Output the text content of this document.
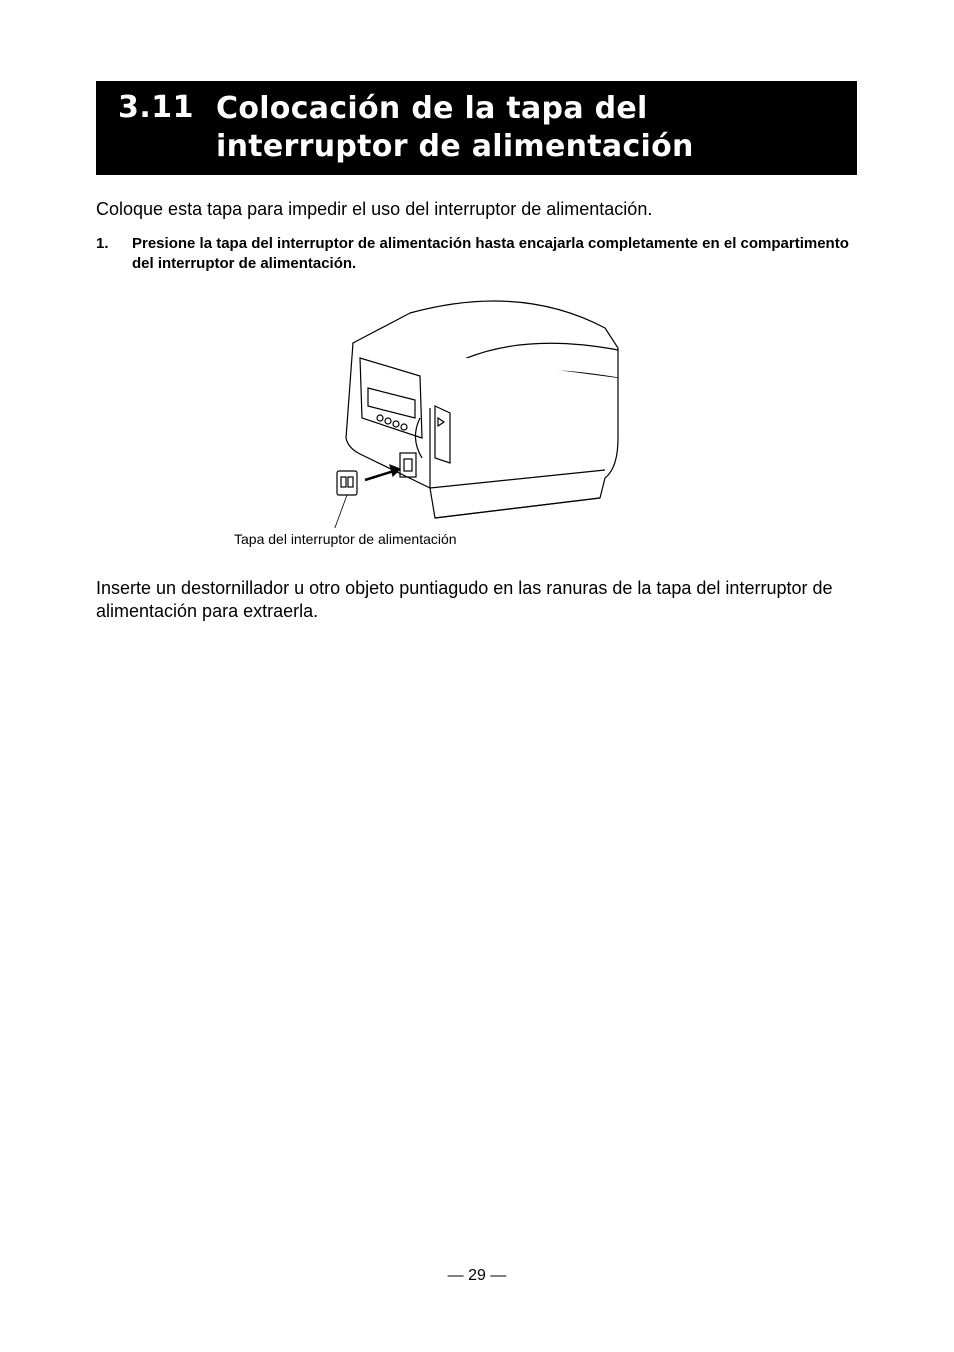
3.11 Colocación de la tapa del
interruptor de alimentación
Coloque esta tapa para impedir el uso del interruptor de alimentación.
1. Presione la tapa del interruptor de alimentación hasta encajarla completamente en el compartimento del interruptor de alimentación.
Tapa del interruptor de alimentación
Inserte un destornillador u otro objeto puntiagudo en las ranuras de la tapa del interruptor de alimentación para extraerla.
— 29 —
